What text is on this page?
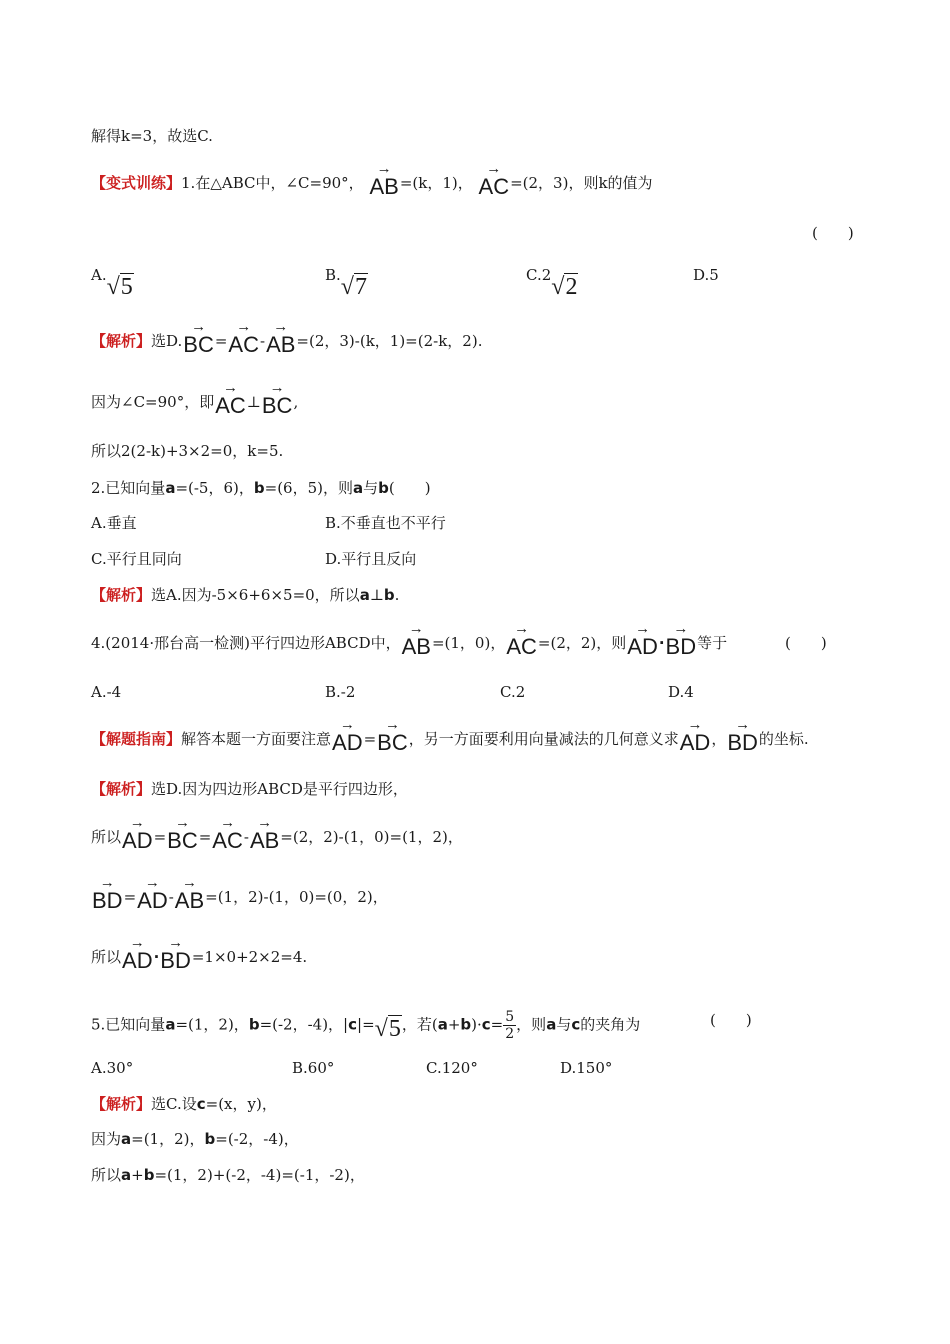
解得k=3，故选C.
【变式训练】1.在△ABC中，∠C=90°，
→
AB=(k，1)，
→
AC=(2，3)，则k的值为
(　　)
A.√5	B.√7	C.2√2	D.5
【解析】选D.
→
BC=
→
AC-
→
AB=(2，3)-(k，1)=(2-k，2).
因为∠C=90°，即
→
AC⊥
→
BC,
所以2(2-k)+3×2=0，k=5.
2.已知向量a=(-5，6)，b=(6，5)，则a与b(　　)
A.垂直	B.不垂直也不平行
C.平行且同向	D.平行且反向
【解析】选A.因为-5×6+6×5=0，所以a⊥b.
4.(2014·邢台高一检测)平行四边形ABCD中，
→
AB=(1，0)，
→
AC=(2，2)，则
→
AD·
→
BD等于	(　　)
A.-4	B.-2	C.2	D.4
【解题指南】解答本题一方面要注意
→
AD=
→
BC，另一方面要利用向量减法的几何意义求
→
AD，
→
BD的坐标.
【解析】选D.因为四边形ABCD是平行四边形，
所以
→
AD=
→
BC=
→
AC-
→
AB=(2，2)-(1，0)=(1，2)，
→
BD=
→
AD-
→
AB=(1，2)-(1，0)=(0，2)，
所以
→
AD·
→
BD=1×0+2×2=4.
5.已知向量a=(1，2)，b=(-2，-4)，|c|=√5，若$(a+b)\cdot c= \frac{5}{2}$ ，则a与c的夹角为	(　　)
A.30°	B.60°	C.120°	D.150°
【解析】选C.设c=(x，y)，
因为a=(1，2)，b=(-2，-4)，
所以a+b=(1，2)+(-2，-4)=(-1，-2)，
